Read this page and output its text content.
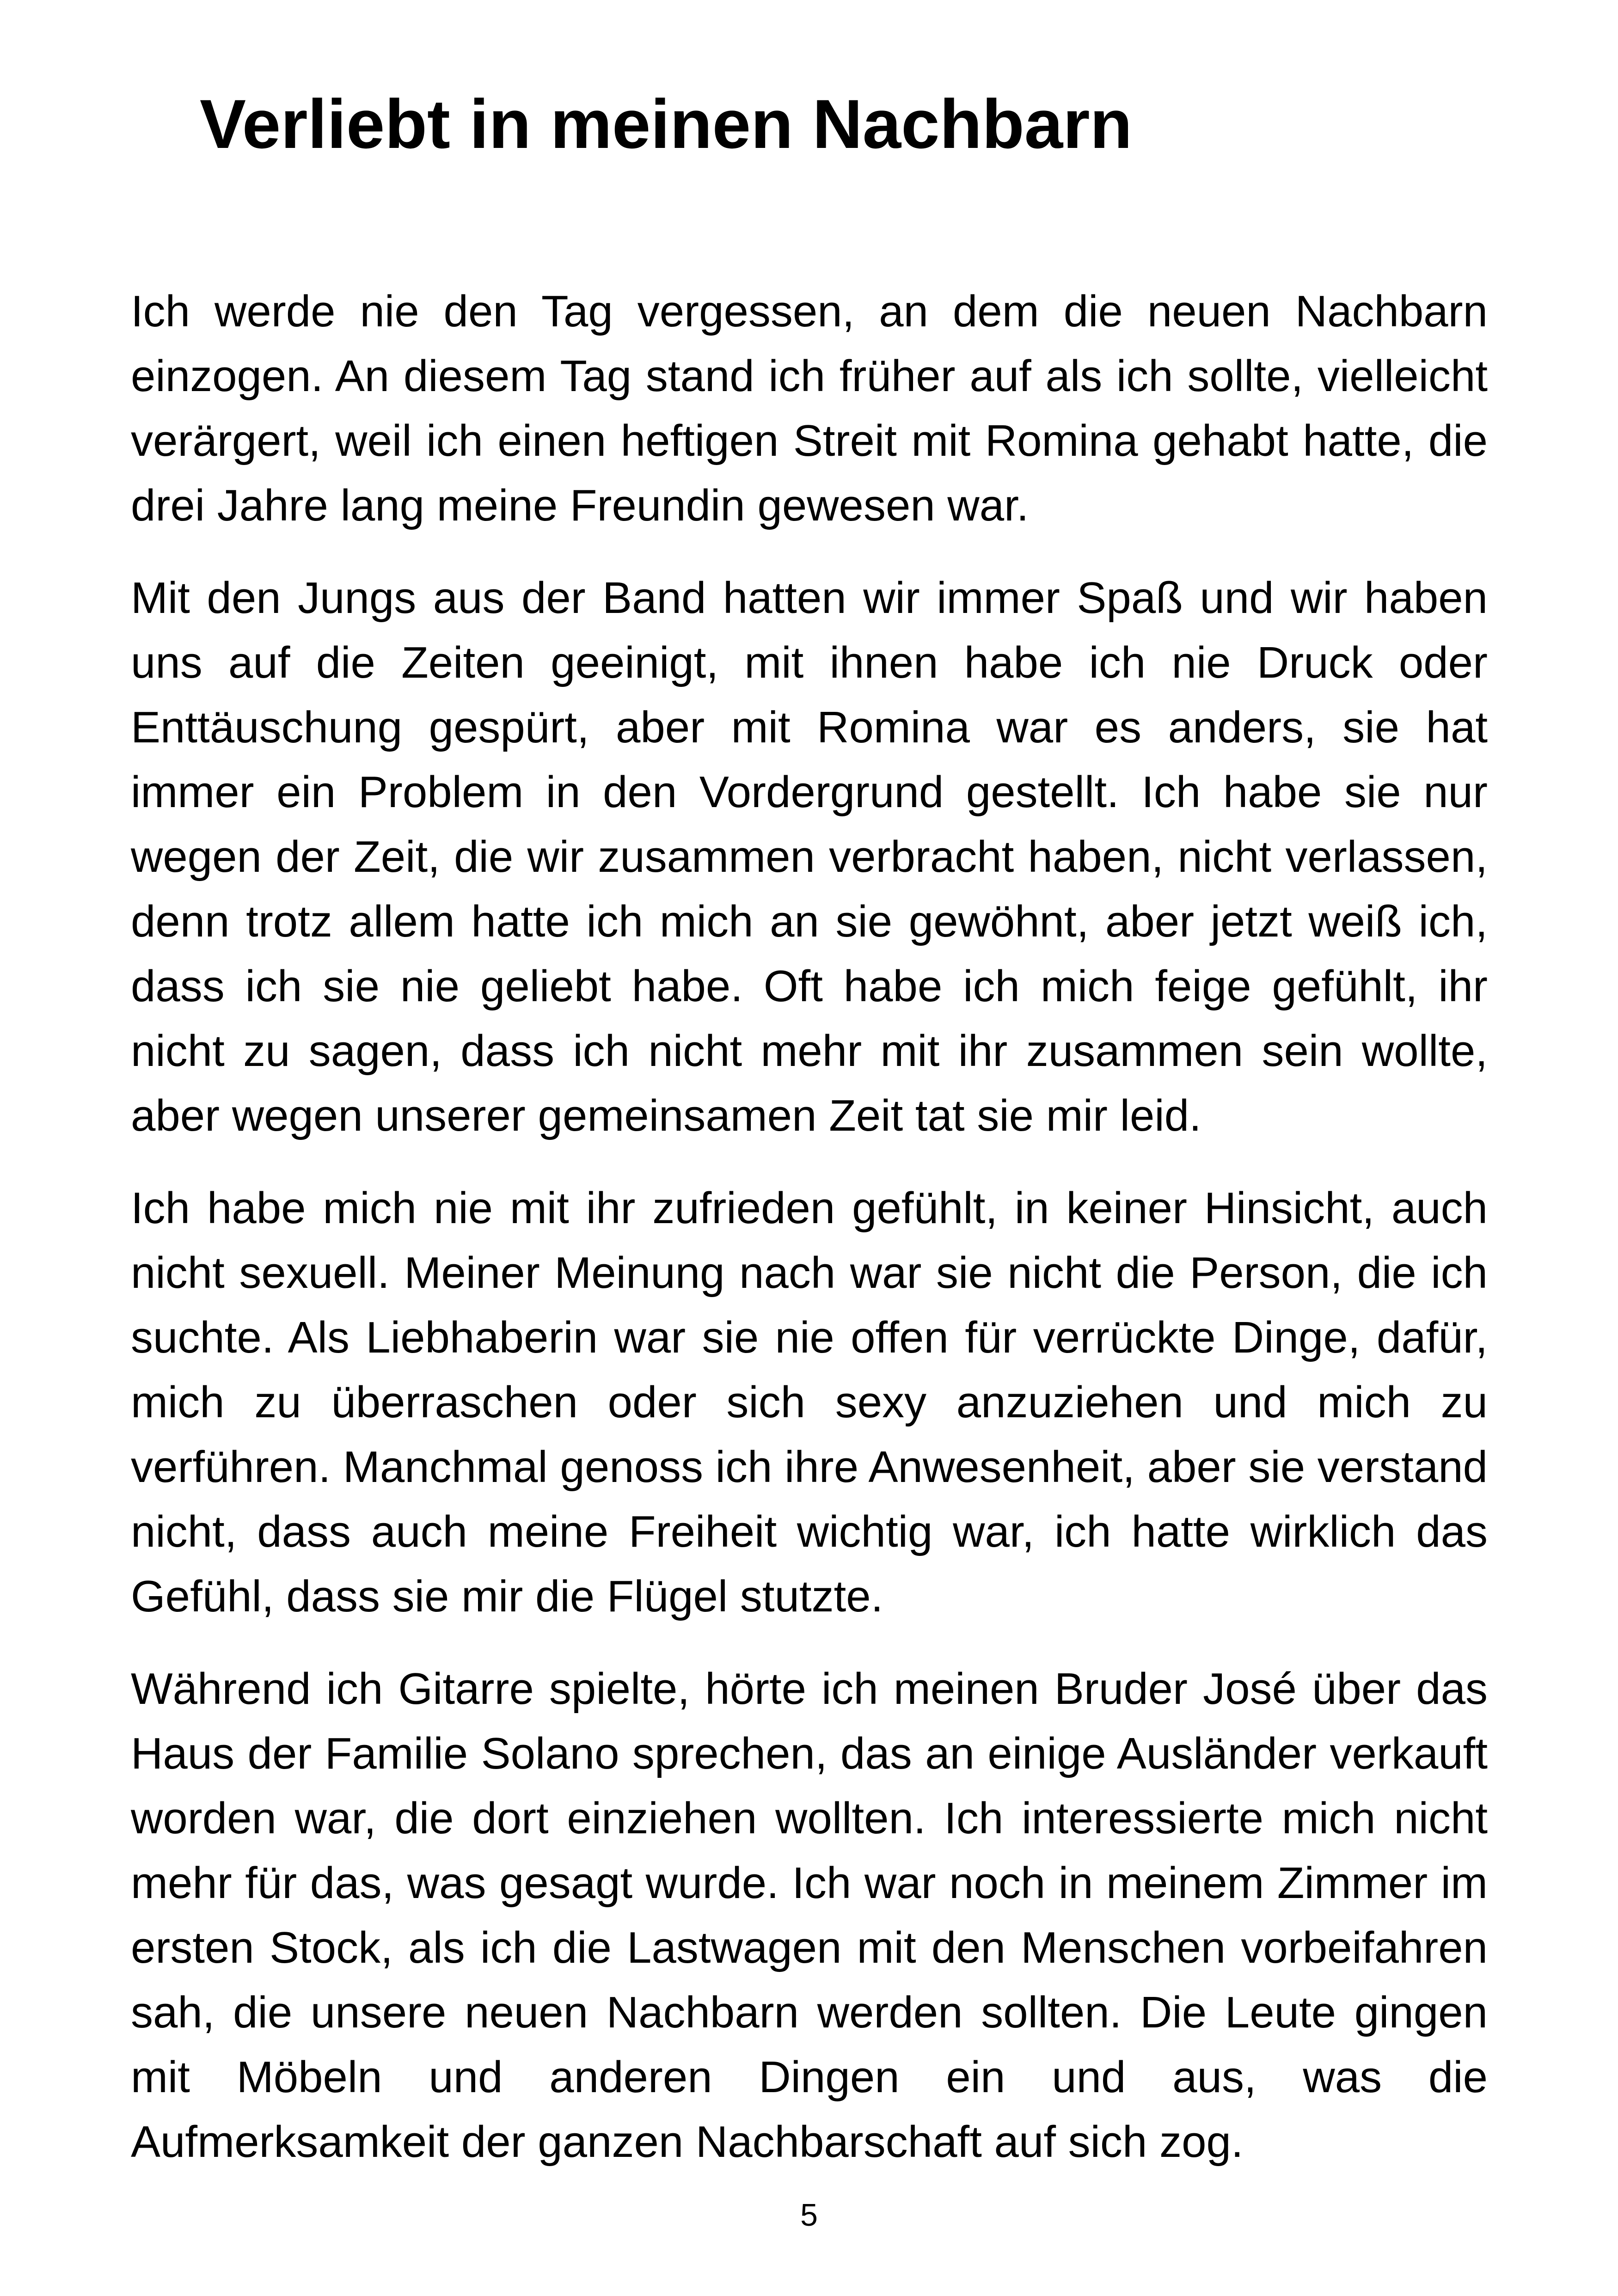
Verliebt in meinen Nachbarn

Ich werde nie den Tag vergessen, an dem die neuen Nachbarn einzogen. An diesem Tag stand ich früher auf als ich sollte, vielleicht verärgert, weil ich einen heftigen Streit mit Romina gehabt hatte, die drei Jahre lang meine Freundin gewesen war.

Mit den Jungs aus der Band hatten wir immer Spaß und wir haben uns auf die Zeiten geeinigt, mit ihnen habe ich nie Druck oder Enttäuschung gespürt, aber mit Romina war es anders, sie hat immer ein Problem in den Vordergrund gestellt. Ich habe sie nur wegen der Zeit, die wir zusammen verbracht haben, nicht verlassen, denn trotz allem hatte ich mich an sie gewöhnt, aber jetzt weiß ich, dass ich sie nie geliebt habe. Oft habe ich mich feige gefühlt, ihr nicht zu sagen, dass ich nicht mehr mit ihr zusammen sein wollte, aber wegen unserer gemeinsamen Zeit tat sie mir leid.

Ich habe mich nie mit ihr zufrieden gefühlt, in keiner Hinsicht, auch nicht sexuell. Meiner Meinung nach war sie nicht die Person, die ich suchte. Als Liebhaberin war sie nie offen für verrückte Dinge, dafür, mich zu überraschen oder sich sexy anzuziehen und mich zu verführen. Manchmal genoss ich ihre Anwesenheit, aber sie verstand nicht, dass auch meine Freiheit wichtig war, ich hatte wirklich das Gefühl, dass sie mir die Flügel stutzte.

Während ich Gitarre spielte, hörte ich meinen Bruder José über das Haus der Familie Solano sprechen, das an einige Ausländer verkauft worden war, die dort einziehen wollten. Ich interessierte mich nicht mehr für das, was gesagt wurde. Ich war noch in meinem Zimmer im ersten Stock, als ich die Lastwagen mit den Menschen vorbeifahren sah, die unsere neuen Nachbarn werden sollten. Die Leute gingen mit Möbeln und anderen Dingen ein und aus, was die Aufmerksamkeit der ganzen Nachbarschaft auf sich zog.

5
